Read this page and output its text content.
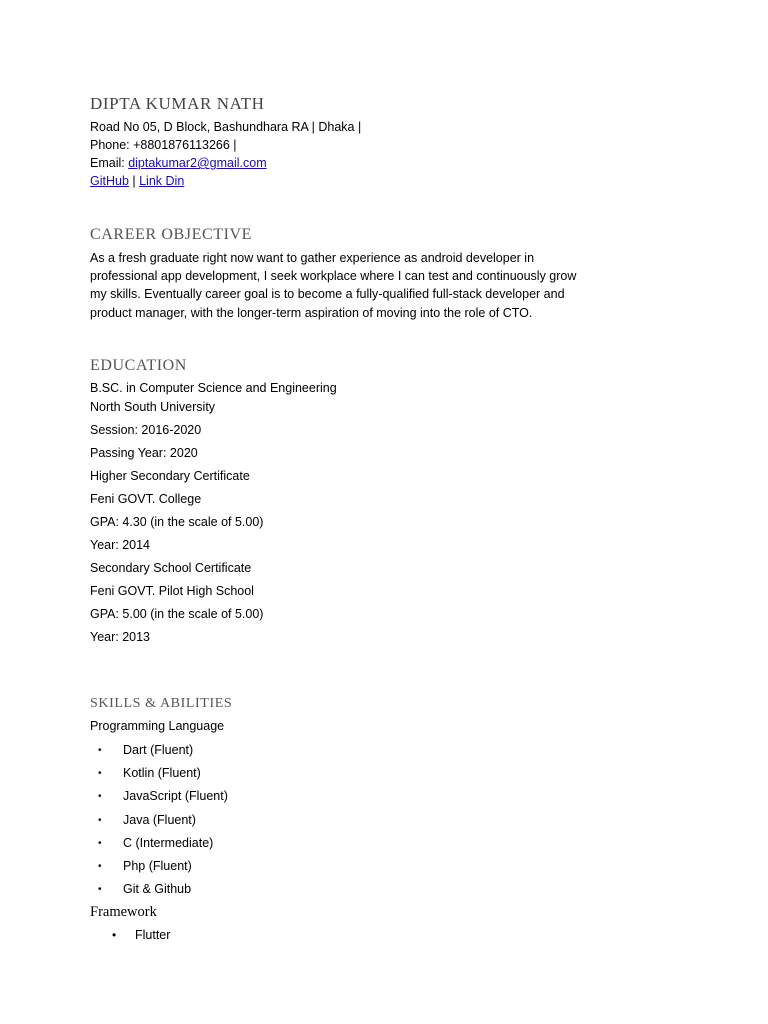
DIPTA KUMAR NATH

Road No 05, D Block, Bashundhara RA | Dhaka |

Phone: +8801876113266 |

Email: diptakumar2@gmail.com

GitHub | Link Din

CAREER OBJECTIVE

As a fresh graduate right now want to gather experience as android developer in professional app development, I seek workplace where I can test and continuously grow my skills. Eventually career goal is to become a fully-qualified full-stack developer and product manager, with the longer-term aspiration of moving into the role of CTO.

EDUCATION

B.SC. in Computer Science and Engineering

North South University

Session: 2016-2020

Passing Year: 2020

Higher Secondary Certificate

Feni GOVT. College

GPA: 4.30 (in the scale of 5.00)

Year: 2014

Secondary School Certificate

Feni GOVT. Pilot High School

GPA: 5.00 (in the scale of 5.00)

Year: 2013

SKILLS & ABILITIES

Programming Language

• Dart (Fluent)
• Kotlin (Fluent)
• JavaScript (Fluent)
• Java (Fluent)
• C (Intermediate)
• Php (Fluent)
• Git & Github

Framework

• Flutter
